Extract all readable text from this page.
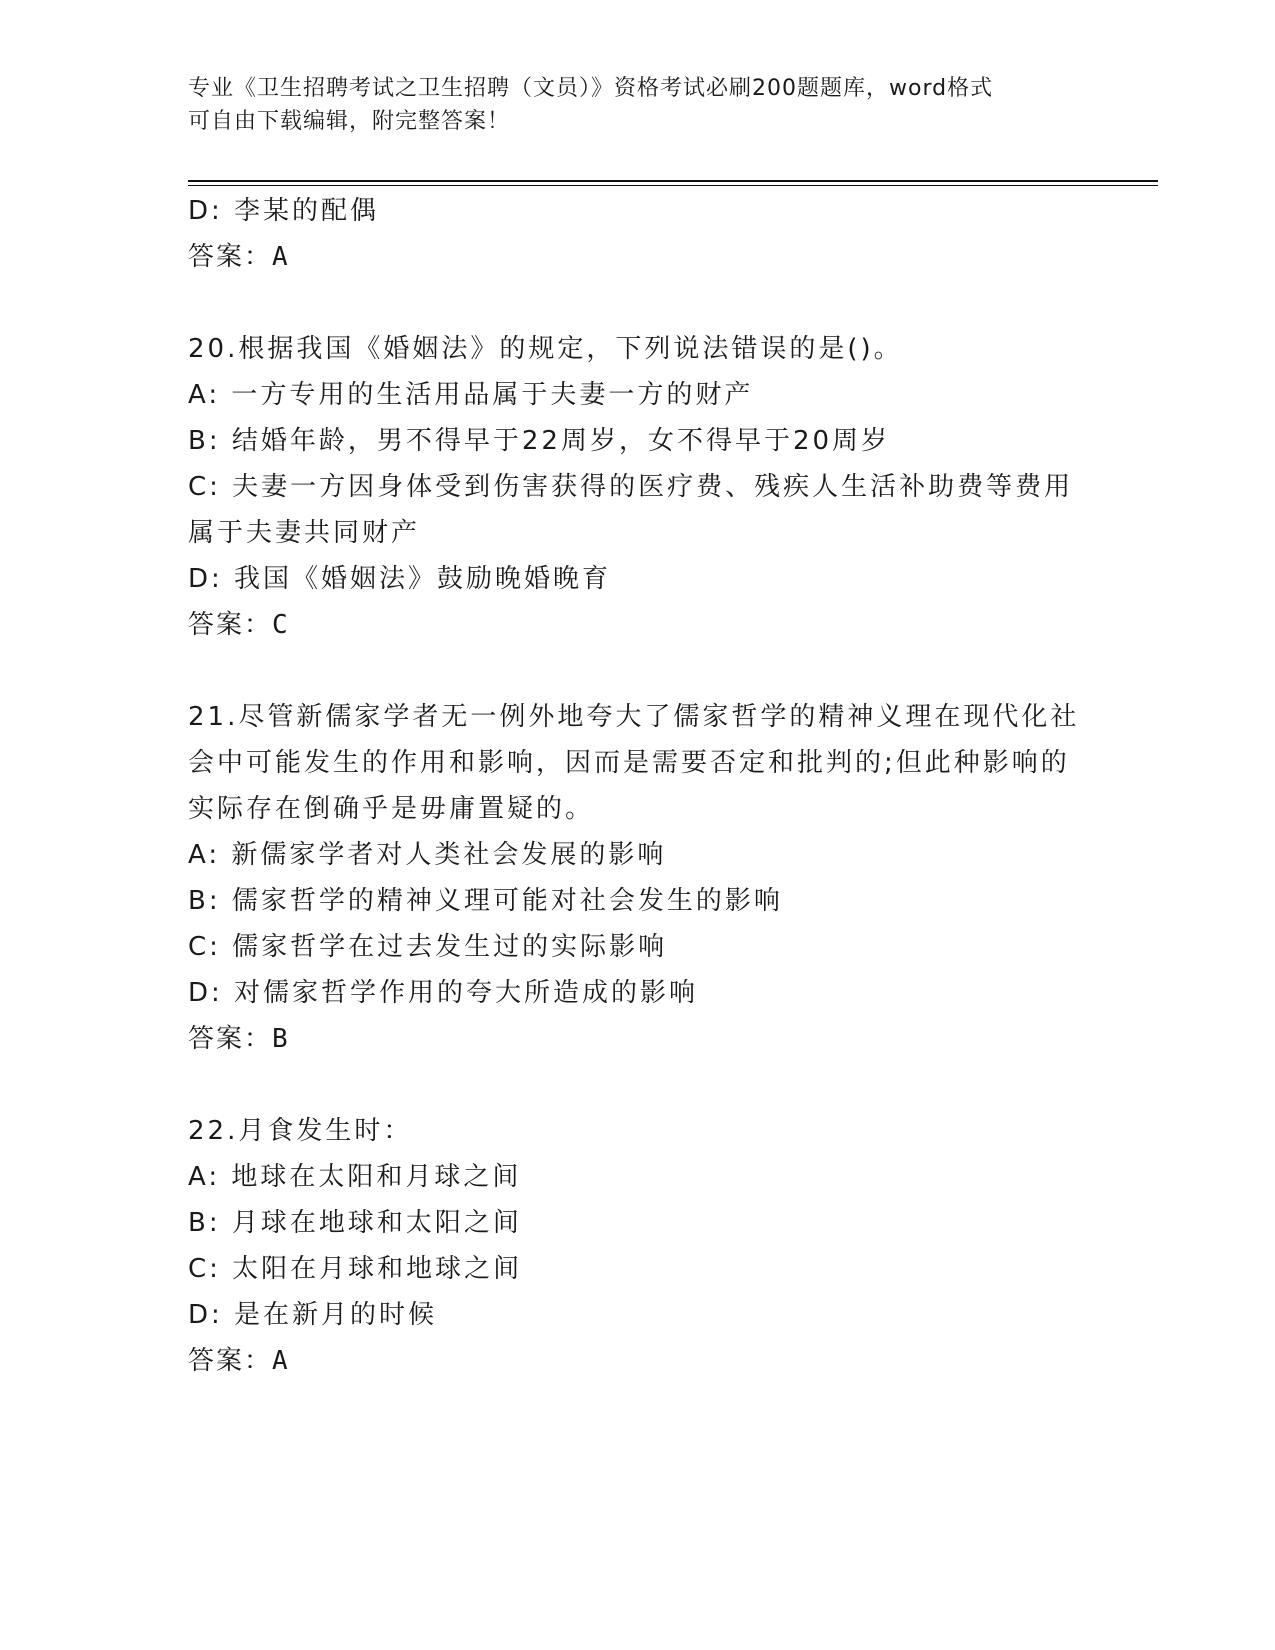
专业《卫生招聘考试之卫生招聘（文员）》资格考试必刷200题题库，word格式
可自由下载编辑，附完整答案！
D: 李某的配偶
答案：A
20.根据我国《婚姻法》的规定，下列说法错误的是()。
A: 一方专用的生活用品属于夫妻一方的财产
B: 结婚年龄，男不得早于22周岁，女不得早于20周岁
C: 夫妻一方因身体受到伤害获得的医疗费、残疾人生活补助费等费用
属于夫妻共同财产
D: 我国《婚姻法》鼓励晚婚晚育
答案：C
21.尽管新儒家学者无一例外地夸大了儒家哲学的精神义理在现代化社
会中可能发生的作用和影响，因而是需要否定和批判的;但此种影响的
实际存在倒确乎是毋庸置疑的。
A: 新儒家学者对人类社会发展的影响
B: 儒家哲学的精神义理可能对社会发生的影响
C: 儒家哲学在过去发生过的实际影响
D: 对儒家哲学作用的夸大所造成的影响
答案：B
22.月食发生时：
A: 地球在太阳和月球之间
B: 月球在地球和太阳之间
C: 太阳在月球和地球之间
D: 是在新月的时候
答案：A
